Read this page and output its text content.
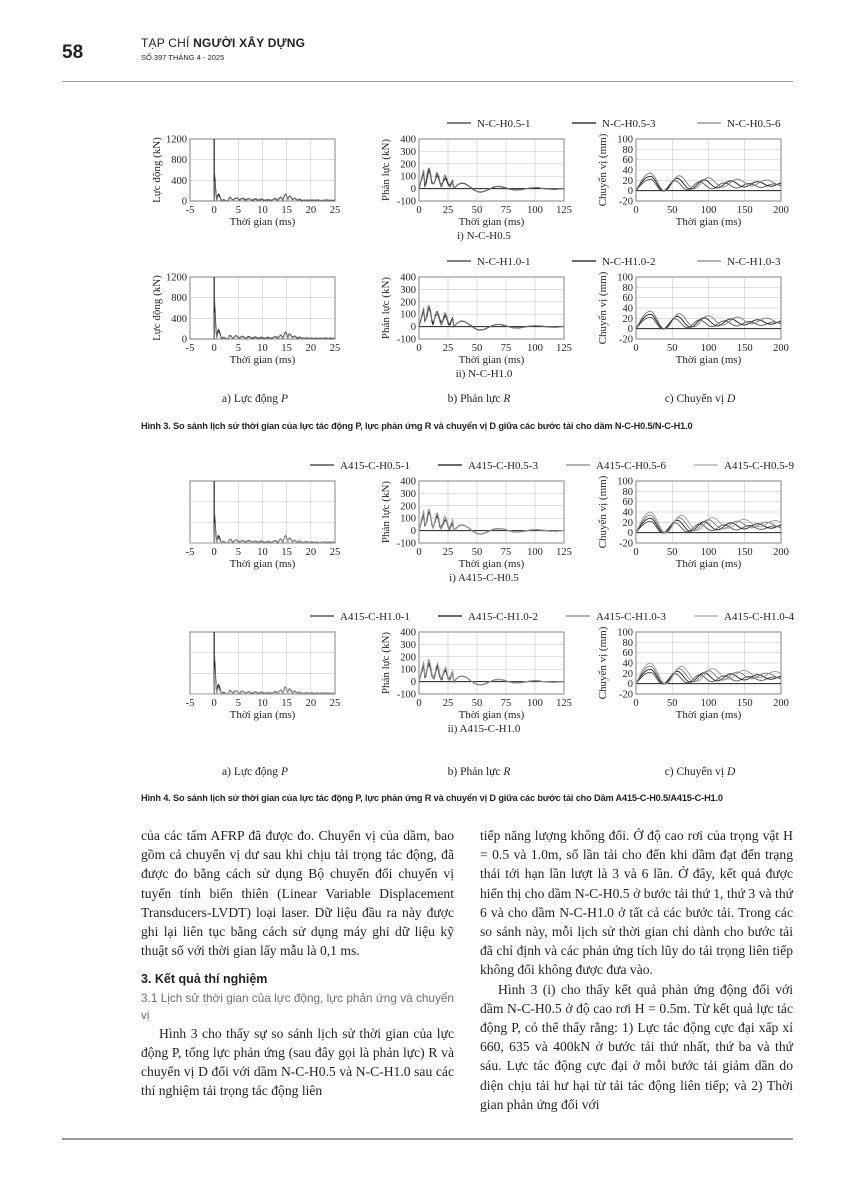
58	TẠP CHÍ NGƯỜI XÂY DỰNG
SỐ 397 THÁNG 4 - 2025
N-C-H0.5-1	N-C-H0.5-3	N-C-H0.5-6
0
400
800
1200
-5 0 5 10 15 20 25
Thời gian (ms)
Lực động (kN)	-100
0
100
200
300
400
0 25 50 75 100 125
Thời gian (ms)
Phản lực (kN)
-20
0
20
40
60
80
100
0	50 100 150 200
Thời gian (ms)
Chuyển vị (mm)
i) N-C-H0.5
N-C-H1.0-1	N-C-H1.0-2	N-C-H1.0-3
0
400
800
1200
-5 0 5 10 15 20 25
Thời gian (ms)
Lực động (kN)	-100
0
100
200
300
400
0 25 50 75 100 125
Thời gian (ms)
Phản lực (kN)
-20
0
20
40
60
80
100
0	50 100 150 200
Thời gian (ms)
Chuyển vị (mm)
ii) N-C-H1.0
a) Lực động P	b) Phản lực R	c) Chuyển vị D
A415-C-H0.5-1	A415-C-H0.5-3	A415-C-H0.5-6	A415-C-H0.5-9
-5 0 5 10 15 20 25
Thời gian (ms)
-100
0
100
200
300
400
0 25 50 75 100 125
Thời gian (ms)
Phản lực (kN)
-20
0
20
40
60
80
100
0	50 100 150 200
Thời gian (ms)
Chuyển vị (mm)
i) A415-C-H0.5
A415-C-H1.0-1	A415-C-H1.0-2	A415-C-H1.0-3	A415-C-H1.0-4
-5 0 5 10 15 20 25
Thời gian (ms)
-100
0
100
200
300
400
0 25 50 75 100 125
Thời gian (ms)
Phản lực (kN)
-20
0
20
40
60
80
100
0	50 100 150 200
Thời gian (ms)
Chuyển vị (mm)
ii) A415-C-H1.0
a) Lực động P	b) Phản lực R	c) Chuyển vị D
Hình 3. So sánh lịch sử thời gian của lực tác động P, lực phản ứng R và chuyển vị D giữa các bước tải cho dầm N-C-H0.5/N-C-H1.0
Hình 4. So sánh lịch sử thời gian của lực tác động P, lực phản ứng R và chuyển vị D giữa các bước tải cho Dầm A415-C-H0.5/A415-C-H1.0

của các tấm AFRP đã được đo. Chuyển vị của dầm, bao gồm cả chuyển vị dư sau khi chịu tải trọng tác động, đã được đo bằng cách sử dụng Bộ chuyển đổi chuyển vị tuyến tính biến thiên (Linear Variable Displacement Transducers-LVDT) loại laser. Dữ liệu đầu ra này được ghi lại liên tục bằng cách sử dụng máy ghi dữ liệu kỹ thuật số với thời gian lấy mẫu là 0,1 ms.

3. Kết quả thí nghiệm

3.1 Lịch sử thời gian của lực động, lực phản ứng và chuyển vị

Hình 3 cho thấy sự so sánh lịch sử thời gian của lực động P, tổng lực phản ứng (sau đây gọi là phản lực) R và chuyển vị D đối với dầm N-C-H0.5 và N-C-H1.0 sau các thí nghiệm tải trọng tác động liên

tiếp năng lượng không đổi. Ở độ cao rơi của trọng vật H = 0.5 và 1.0m, số lần tải cho đến khi dầm đạt đến trạng thái tới hạn lần lượt là 3 và 6 lần. Ở đây, kết quả được hiển thị cho dầm N-C-H0.5 ở bước tải thứ 1, thứ 3 và thứ 6 và cho dầm N-C-H1.0 ở tất cả các bước tải. Trong các so sánh này, mỗi lịch sử thời gian chỉ dành cho bước tải đã chỉ định và các phản ứng tích lũy do tải trọng liên tiếp không đổi không được đưa vào.

Hình 3 (i) cho thấy kết quả phản ứng động đối với dầm N-C-H0.5 ở độ cao rơi H = 0.5m. Từ kết quả lực tác động P, có thể thấy rằng: 1) Lực tác động cực đại xấp xỉ 660, 635 và 400kN ở bước tải thứ nhất, thứ ba và thứ sáu. Lực tác động cực đại ở mỗi bước tải giảm dần do diện chịu tải hư hại từ tải tác động liên tiếp; và 2) Thời gian phản ứng đối với
